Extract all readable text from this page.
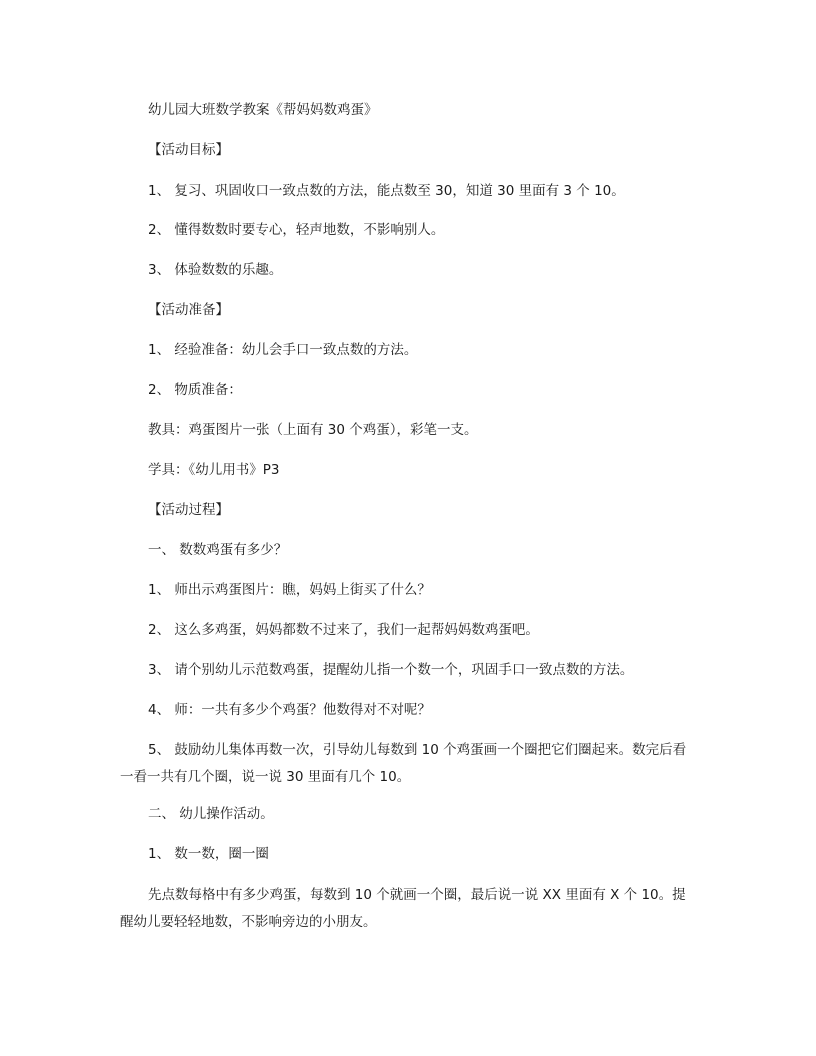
幼儿园大班数学教案《帮妈妈数鸡蛋》
【活动目标】
1、 复习、巩固收口一致点数的方法，能点数至 30，知道 30 里面有 3 个 10。
2、 懂得数数时要专心，轻声地数，不影响别人。
3、 体验数数的乐趣。
【活动准备】
1、 经验准备：幼儿会手口一致点数的方法。
2、 物质准备：
教具：鸡蛋图片一张（上面有 30 个鸡蛋），彩笔一支。
学具：《幼儿用书》P3
【活动过程】
一、 数数鸡蛋有多少？
1、 师出示鸡蛋图片：瞧，妈妈上街买了什么？
2、 这么多鸡蛋，妈妈都数不过来了，我们一起帮妈妈数鸡蛋吧。
3、 请个别幼儿示范数鸡蛋，提醒幼儿指一个数一个，巩固手口一致点数的方法。
4、 师：一共有多少个鸡蛋？他数得对不对呢？
5、 鼓励幼儿集体再数一次，引导幼儿每数到 10 个鸡蛋画一个圈把它们圈起来。数完后看一看一共有几个圈，说一说 30 里面有几个 10。
二、 幼儿操作活动。
1、 数一数，圈一圈
先点数每格中有多少鸡蛋，每数到 10 个就画一个圈，最后说一说 XX 里面有 X 个 10。提醒幼儿要轻轻地数，不影响旁边的小朋友。
